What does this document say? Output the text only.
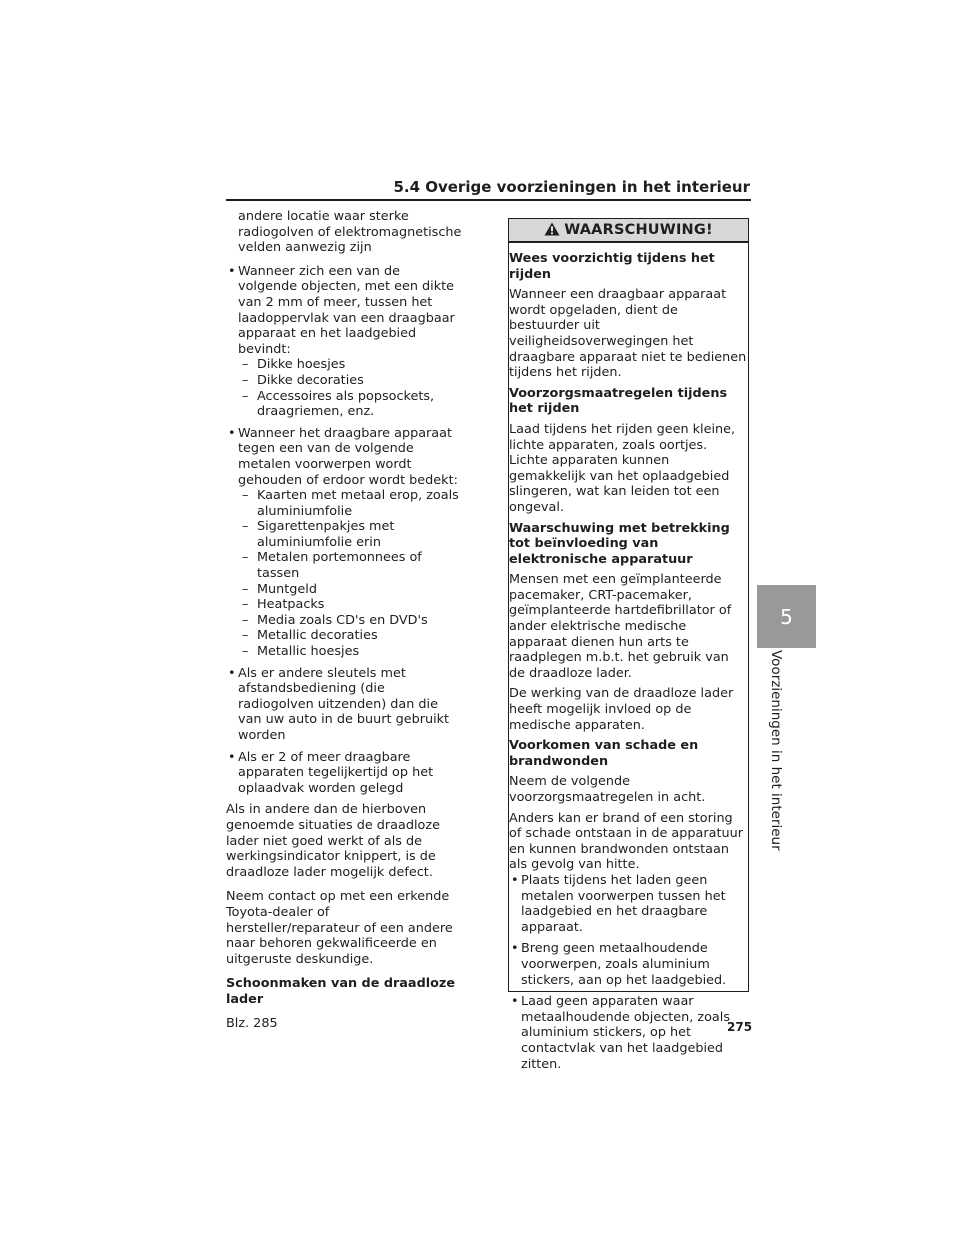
5.4 Overige voorzieningen in het interieur
5
Voorzieningen in het interieur

andere locatie waar sterke radiogolven of elektromagnetische velden aanwezig zijn

• Wanneer zich een van de volgende objecten, met een dikte van 2 mm of meer, tussen het laadoppervlak van een draagbaar apparaat en het laadgebied bevindt:
– Dikke hoesjes
– Dikke decoraties
– Accessoires als popsockets, draagriemen, enz.
• Wanneer het draagbare apparaat tegen een van de volgende metalen voorwerpen wordt gehouden of erdoor wordt bedekt:
– Kaarten met metaal erop, zoals aluminiumfolie
– Sigarettenpakjes met aluminiumfolie erin
– Metalen portemonnees of tassen
– Muntgeld
– Heatpacks
– Media zoals CD's en DVD's
– Metallic decoraties
– Metallic hoesjes
• Als er andere sleutels met afstandsbediening (die radiogolven uitzenden) dan die van uw auto in de buurt gebruikt worden
• Als er 2 of meer draagbare apparaten tegelijkertijd op het oplaadvak worden gelegd

Als in andere dan de hierboven genoemde situaties de draadloze lader niet goed werkt of als de werkingsindicator knippert, is de draadloze lader mogelijk defect.

Neem contact op met een erkende Toyota-dealer of hersteller/reparateur of een andere naar behoren gekwalificeerde en uitgeruste deskundige.

Schoonmaken van de draadloze lader

Blz. 285

WAARSCHUWING!

Wees voorzichtig tijdens het rijden

Wanneer een draagbaar apparaat wordt opgeladen, dient de bestuurder uit veiligheidsoverwegingen het draagbare apparaat niet te bedienen tijdens het rijden.

Voorzorgsmaatregelen tijdens het rijden

Laad tijdens het rijden geen kleine, lichte apparaten, zoals oortjes. Lichte apparaten kunnen gemakkelijk van het oplaadgebied slingeren, wat kan leiden tot een ongeval.

Waarschuwing met betrekking tot beïnvloeding van elektronische apparatuur

Mensen met een geïmplanteerde pacemaker, CRT-pacemaker, geïmplanteerde hartdefibrillator of ander elektrische medische apparaat dienen hun arts te raadplegen m.b.t. het gebruik van de draadloze lader.

De werking van de draadloze lader heeft mogelijk invloed op de medische apparaten.

Voorkomen van schade en brandwonden

Neem de volgende voorzorgsmaatregelen in acht.

Anders kan er brand of een storing of schade ontstaan in de apparatuur en kunnen brandwonden ontstaan als gevolg van hitte.

• Plaats tijdens het laden geen metalen voorwerpen tussen het laadgebied en het draagbare apparaat.
• Breng geen metaalhoudende voorwerpen, zoals aluminium stickers, aan op het laadgebied.
• Laad geen apparaten waar metaalhoudende objecten, zoals aluminium stickers, op het contactvlak van het laadgebied zitten.
275
